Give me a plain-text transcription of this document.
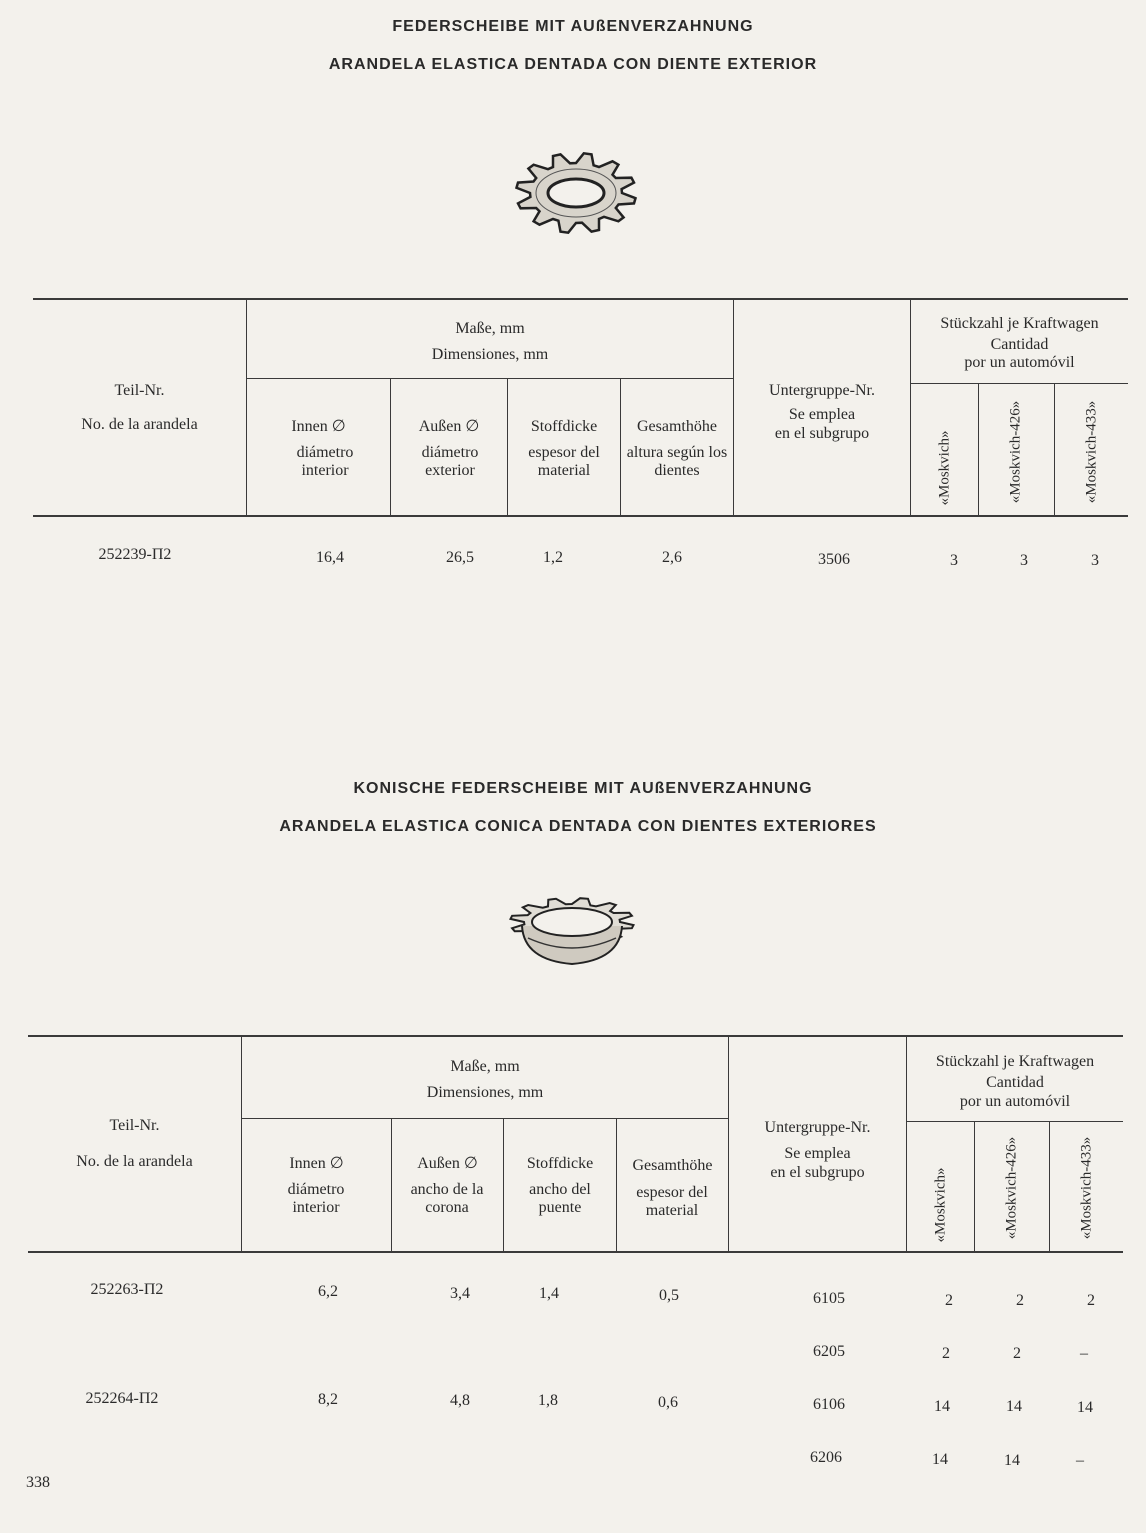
FEDERSCHEIBE MIT AUßENVERZAHNUNG
ARANDELA ELASTICA DENTADA CON DIENTE EXTERIOR
Teil-Nr.
No. de la arandela
Maße, mm
Dimensiones, mm
Innen ∅
diámetro interior
Außen ∅
diámetro exterior
Stoffdicke
espesor del material
Gesamthöhe
altura según los dientes
Untergruppe-Nr.
Se emplea
en el subgrupo
Stückzahl je Kraftwagen
Cantidad
por un automóvil
«Moskvich»	«Moskvich-426»	«Moskvich-433»
252239-П2	16,4	26,5	1,2	2,6	3506	3	3	3
KONISCHE FEDERSCHEIBE MIT AUßENVERZAHNUNG
ARANDELA ELASTICA CONICA DENTADA CON DIENTES EXTERIORES
Teil-Nr.
No. de la arandela
Maße, mm
Dimensiones, mm
Innen ∅
diámetro interior
Außen ∅
ancho de la corona
Stoffdicke
ancho del puente
Gesamthöhe
espesor del material
Untergruppe-Nr.
Se emplea
en el subgrupo
Stückzahl je Kraftwagen
Cantidad
por un automóvil
«Moskvich»	«Moskvich-426»	«Moskvich-433»
252263-П2	6,2	3,4	1,4	0,5	6105	2	2	2
6205	2	2	–
252264-П2	8,2	4,8	1,8	0,6	6106	14	14	14
6206	14	14	–
338
